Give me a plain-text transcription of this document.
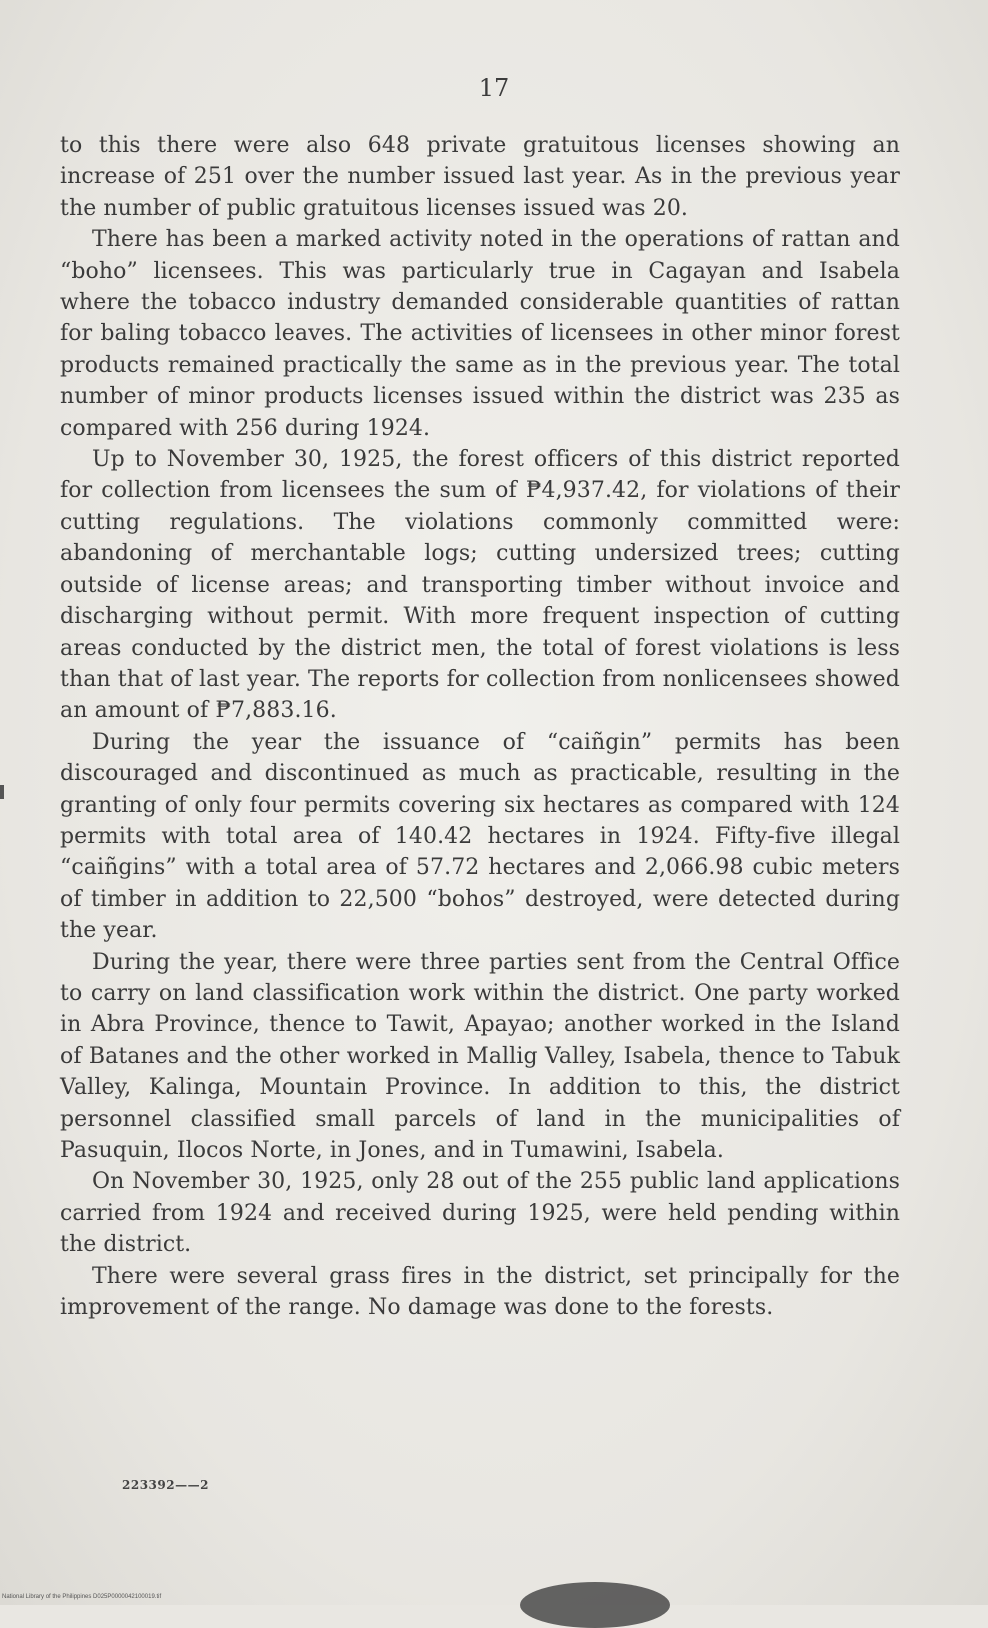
17

to this there were also 648 private gratuitous licenses showing an increase of 251 over the number issued last year. As in the previous year the number of public gratuitous licenses issued was 20.

There has been a marked activity noted in the operations of rattan and “boho” licensees. This was particularly true in Cagayan and Isabela where the tobacco industry demanded considerable quantities of rattan for baling tobacco leaves. The activities of licensees in other minor forest products remained practically the same as in the previous year. The total number of minor products licenses issued within the district was 235 as compared with 256 during 1924.

Up to November 30, 1925, the forest officers of this district reported for collection from licensees the sum of ₱4,937.42, for violations of their cutting regulations. The violations commonly committed were: abandoning of merchantable logs; cutting undersized trees; cutting outside of license areas; and transporting timber without invoice and discharging without permit. With more frequent inspection of cutting areas conducted by the district men, the total of forest violations is less than that of last year. The reports for collection from nonlicensees showed an amount of ₱7,883.16.

During the year the issuance of “caiñgin” permits has been discouraged and discontinued as much as practicable, resulting in the granting of only four permits covering six hectares as compared with 124 permits with total area of 140.42 hectares in 1924. Fifty-five illegal “caiñgins” with a total area of 57.72 hectares and 2,066.98 cubic meters of timber in addition to 22,500 “bohos” destroyed, were detected during the year.

During the year, there were three parties sent from the Central Office to carry on land classification work within the district. One party worked in Abra Province, thence to Tawit, Apayao; another worked in the Island of Batanes and the other worked in Mallig Valley, Isabela, thence to Tabuk Valley, Kalinga, Mountain Province. In addition to this, the district personnel classified small parcels of land in the municipalities of Pasuquin, Ilocos Norte, in Jones, and in Tumawini, Isabela.

On November 30, 1925, only 28 out of the 255 public land applications carried from 1924 and received during 1925, were held pending within the district.

There were several grass fires in the district, set principally for the improvement of the range. No damage was done to the forests.

223392——2
National Library of the Philippines D025P0000042100019.tif
